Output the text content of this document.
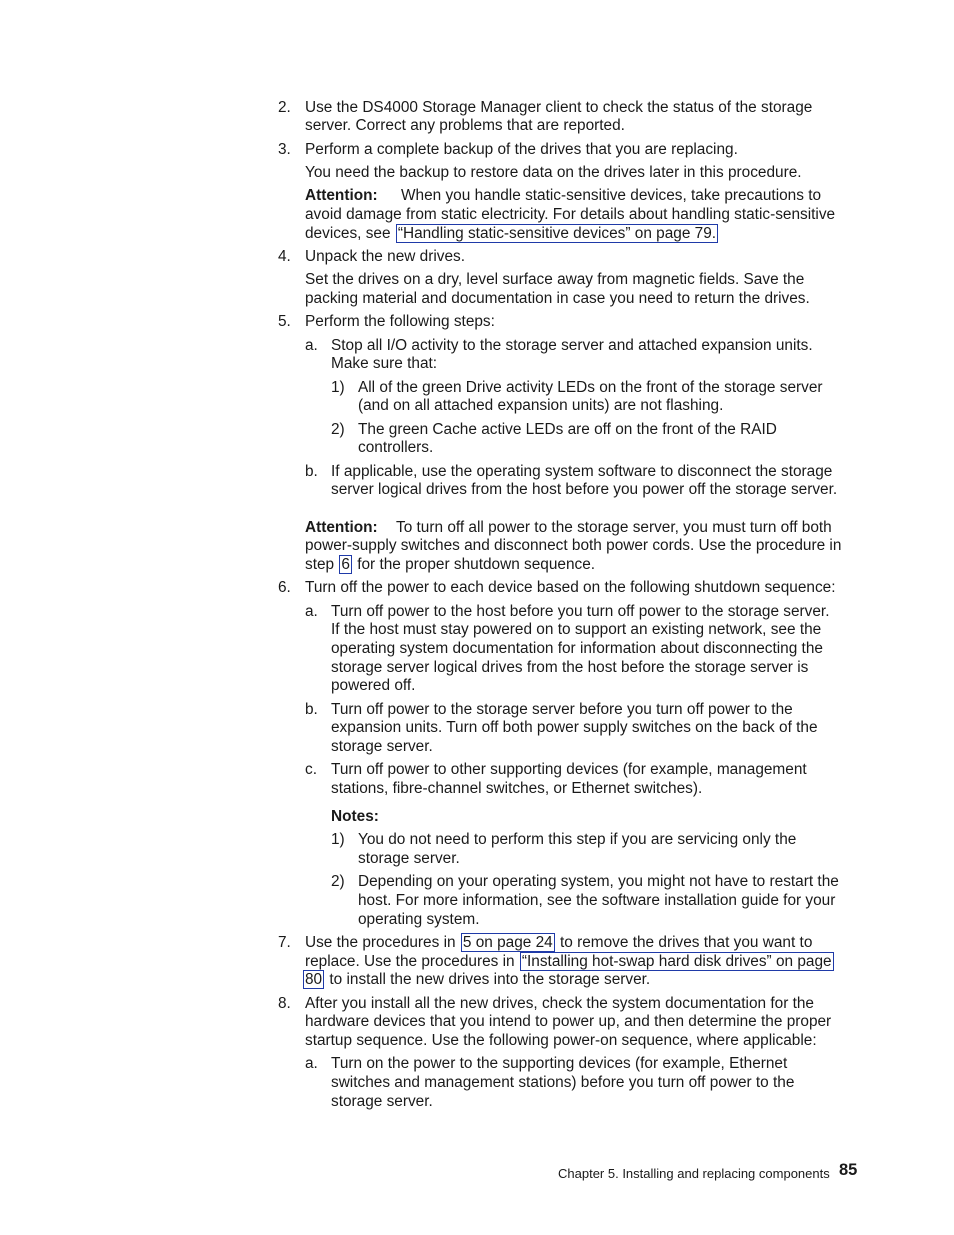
2. Use the DS4000 Storage Manager client to check the status of the storage
server. Correct any problems that are reported.
3. Perform a complete backup of the drives that you are replacing.
You need the backup to restore data on the drives later in this procedure.
Attention: When you handle static-sensitive devices, take precautions to
avoid damage from static electricity. For details about handling static-sensitive
devices, see “Handling static-sensitive devices” on page 79.
4. Unpack the new drives.
Set the drives on a dry, level surface away from magnetic fields. Save the
packing material and documentation in case you need to return the drives.
5. Perform the following steps:
a. Stop all I/O activity to the storage server and attached expansion units.
Make sure that:
1) All of the green Drive activity LEDs on the front of the storage server
(and on all attached expansion units) are not flashing.
2) The green Cache active LEDs are off on the front of the RAID
controllers.
b. If applicable, use the operating system software to disconnect the storage
server logical drives from the host before you power off the storage server.
Attention: To turn off all power to the storage server, you must turn off both
power-supply switches and disconnect both power cords. Use the procedure in
step 6 for the proper shutdown sequence.
6. Turn off the power to each device based on the following shutdown sequence:
a. Turn off power to the host before you turn off power to the storage server.
If the host must stay powered on to support an existing network, see the
operating system documentation for information about disconnecting the
storage server logical drives from the host before the storage server is
powered off.
b. Turn off power to the storage server before you turn off power to the
expansion units. Turn off both power supply switches on the back of the
storage server.
c. Turn off power to other supporting devices (for example, management
stations, fibre-channel switches, or Ethernet switches).
Notes:
1) You do not need to perform this step if you are servicing only the
storage server.
2) Depending on your operating system, you might not have to restart the
host. For more information, see the software installation guide for your
operating system.
7. Use the procedures in 5 on page 24 to remove the drives that you want to
replace. Use the procedures in “Installing hot-swap hard disk drives” on page
80 to install the new drives into the storage server.
8. After you install all the new drives, check the system documentation for the
hardware devices that you intend to power up, and then determine the proper
startup sequence. Use the following power-on sequence, where applicable:
a. Turn on the power to the supporting devices (for example, Ethernet
switches and management stations) before you turn off power to the
storage server.
Chapter 5. Installing and replacing components 85
